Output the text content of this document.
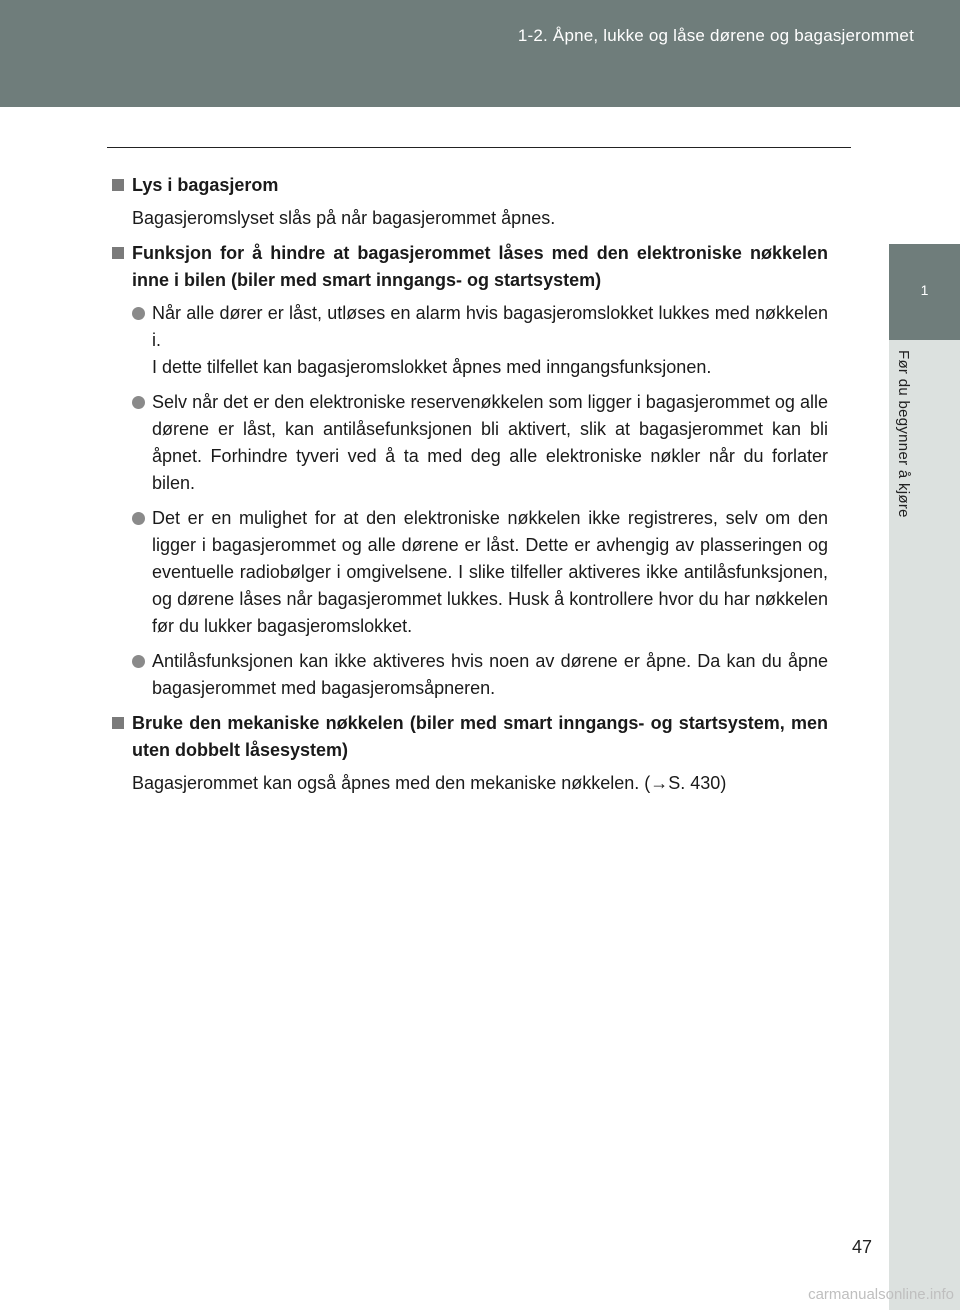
1-2. Åpne, lukke og låse dørene og bagasjerommet
1
Før du begynner å kjøre
Lys i bagasjerom
Bagasjeromslyset slås på når bagasjerommet åpnes.
Funksjon for å hindre at bagasjerommet låses med den elektroniske nøkkelen inne i bilen (biler med smart inngangs- og startsystem)
Når alle dører er låst, utløses en alarm hvis bagasjeromslokket lukkes med nøkkelen i.
I dette tilfellet kan bagasjeromslokket åpnes med inngangsfunksjonen.
Selv når det er den elektroniske reservenøkkelen som ligger i bagasjerommet og alle dørene er låst, kan antilåsefunksjonen bli aktivert, slik at bagasjerommet kan bli åpnet. Forhindre tyveri ved å ta med deg alle elektroniske nøkler når du forlater bilen.
Det er en mulighet for at den elektroniske nøkkelen ikke registreres, selv om den ligger i bagasjerommet og alle dørene er låst. Dette er avhengig av plasseringen og eventuelle radiobølger i omgivelsene. I slike tilfeller aktiveres ikke antilåsfunksjonen, og dørene låses når bagasjerommet lukkes. Husk å kontrollere hvor du har nøkkelen før du lukker bagasjeromslokket.
Antilåsfunksjonen kan ikke aktiveres hvis noen av dørene er åpne. Da kan du åpne bagasjerommet med bagasjeromsåpneren.
Bruke den mekaniske nøkkelen (biler med smart inngangs- og startsystem, men uten dobbelt låsesystem)
Bagasjerommet kan også åpnes med den mekaniske nøkkelen. (→S. 430)
47
carmanualsonline.info
